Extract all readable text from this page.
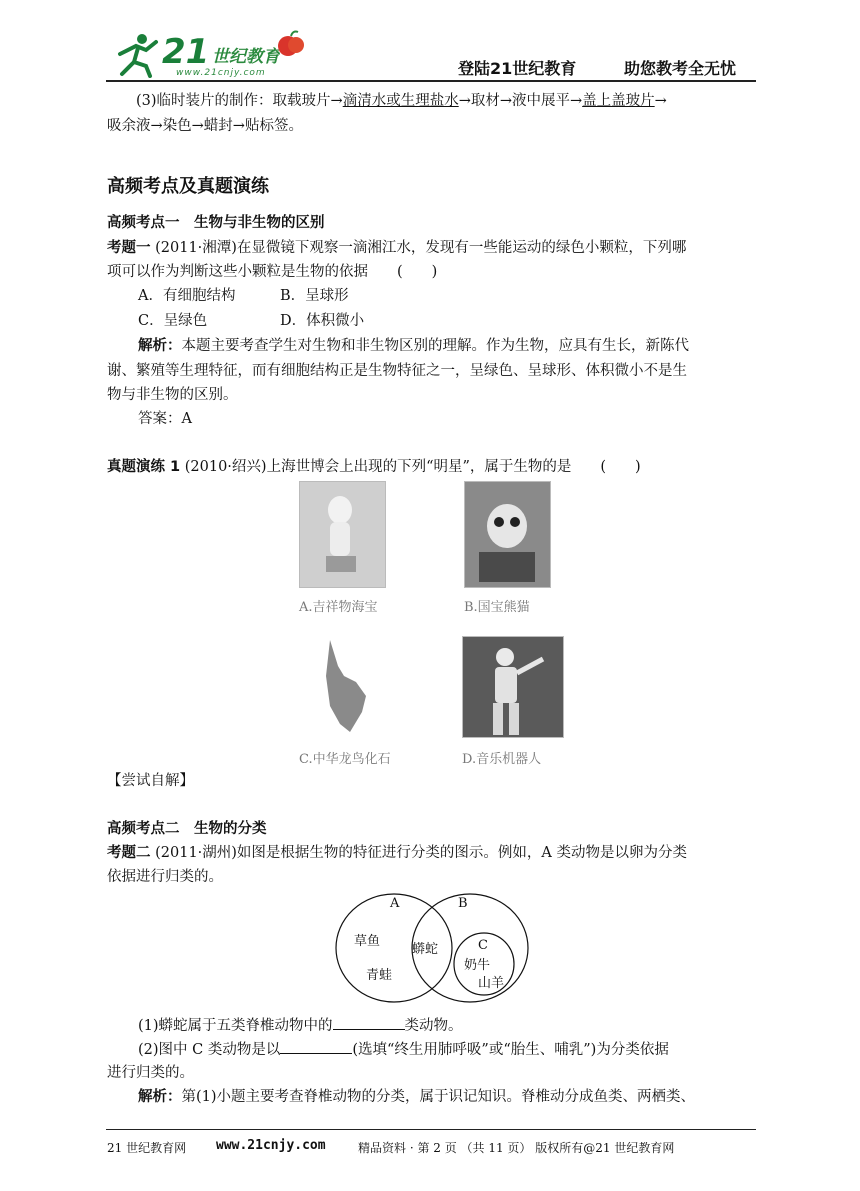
21 世纪教育
www.21cnjy.com	登陆21世纪教育	助您教考全无忧
(3)临时装片的制作：取载玻片→滴清水或生理盐水→取材→液中展平→盖上盖玻片→
吸余液→染色→蜡封→贴标签。
高频考点及真题演练
高频考点一　生物与非生物的区别
考题一 (2011·湘潭)在显微镜下观察一滴湘江水，发现有一些能运动的绿色小颗粒，下列哪
项可以作为判断这些小颗粒是生物的依据　　(　　)
A．有细胞结构	B．呈球形
C．呈绿色	D．体积微小
解析：本题主要考查学生对生物和非生物区别的理解。作为生物，应具有生长，新陈代
谢、繁殖等生理特征，而有细胞结构正是生物特征之一，呈绿色、呈球形、体积微小不是生
物与非生物的区别。
答案：A
真题演练 1 (2010·绍兴)上海世博会上出现的下列“明星”，属于生物的是　　(　　)
A.吉祥物海宝	B.国宝熊猫
C.中华龙鸟化石	D.音乐机器人
【尝试自解】
高频考点二　生物的分类
考题二 (2011·湖州)如图是根据生物的特征进行分类的图示。例如，A 类动物是以卵为分类
依据进行归类的。
A	B
C
草鱼
青蛙
蟒蛇
奶牛
山羊
(1)蟒蛇属于五类脊椎动物中的	类动物。
(2)图中 C 类动物是以	(选填“终生用肺呼吸”或“胎生、哺乳”)为分类依据
进行归类的。
解析：第(1)小题主要考查脊椎动物的分类，属于识记知识。脊椎动分成鱼类、两栖类、
21 世纪教育网 www.21cnjy.com	精品资料 · 第 2 页 （共 11 页） 版权所有@21 世纪教育网
